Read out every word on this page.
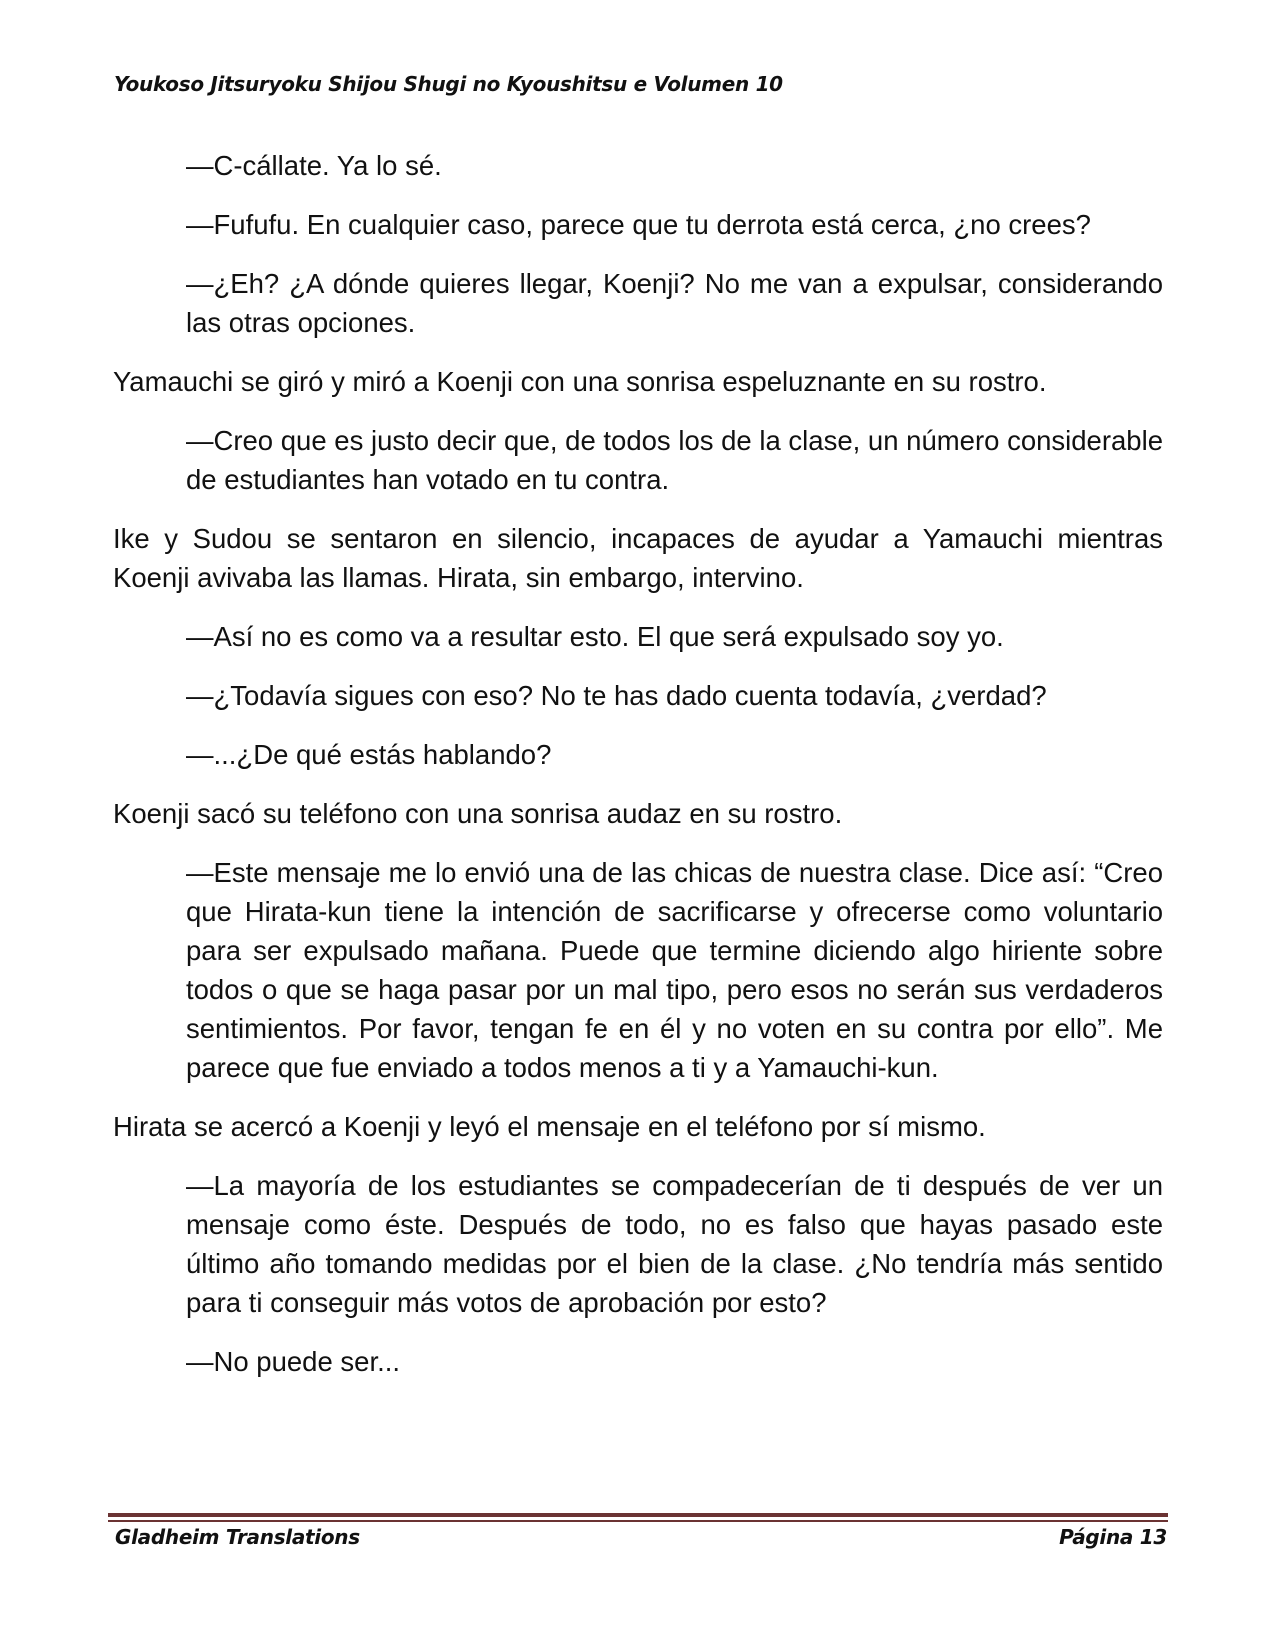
Youkoso Jitsuryoku Shijou Shugi no Kyoushitsu e Volumen 10

—C-cállate. Ya lo sé.

—Fufufu. En cualquier caso, parece que tu derrota está cerca, ¿no crees?

—¿Eh? ¿A dónde quieres llegar, Koenji? No me van a expulsar, considerando las otras opciones.

Yamauchi se giró y miró a Koenji con una sonrisa espeluznante en su rostro.

—Creo que es justo decir que, de todos los de la clase, un número considerable de estudiantes han votado en tu contra.

Ike y Sudou se sentaron en silencio, incapaces de ayudar a Yamauchi mientras Koenji avivaba las llamas. Hirata, sin embargo, intervino.

—Así no es como va a resultar esto. El que será expulsado soy yo.

—¿Todavía sigues con eso? No te has dado cuenta todavía, ¿verdad?

—...¿De qué estás hablando?

Koenji sacó su teléfono con una sonrisa audaz en su rostro.

—Este mensaje me lo envió una de las chicas de nuestra clase. Dice así: “Creo que Hirata-kun tiene la intención de sacrificarse y ofrecerse como voluntario para ser expulsado mañana. Puede que termine diciendo algo hiriente sobre todos o que se haga pasar por un mal tipo, pero esos no serán sus verdaderos sentimientos. Por favor, tengan fe en él y no voten en su contra por ello”. Me parece que fue enviado a todos menos a ti y a Yamauchi-kun.

Hirata se acercó a Koenji y leyó el mensaje en el teléfono por sí mismo.

—La mayoría de los estudiantes se compadecerían de ti después de ver un mensaje como éste. Después de todo, no es falso que hayas pasado este último año tomando medidas por el bien de la clase. ¿No tendría más sentido para ti conseguir más votos de aprobación por esto?

—No puede ser...

Gladheim Translations	Página 13
